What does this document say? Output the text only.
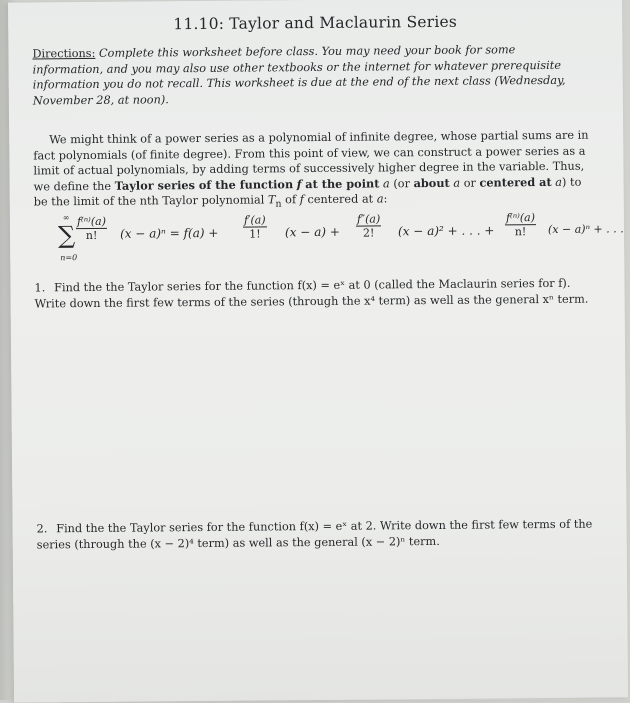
11.10: Taylor and Maclaurin Series
Directions: Complete this worksheet before class. You may need your book for some information, and you may also use other textbooks or the internet for whatever prerequisite information you do not recall. This worksheet is due at the end of the next class (Wednesday, November 28, at noon).
We might think of a power series as a polynomial of infinite degree, whose partial sums are in fact polynomials (of finite degree). From this point of view, we can construct a power series as a limit of actual polynomials, by adding terms of successively higher degree in the variable. Thus, we define the Taylor series of the function f at the point a (or about a or centered at a) to be the limit of the nth Taylor polynomial $T_n$ of f centered at a:
∞
∑
n=0
$\frac{\text{f⁽ⁿ⁾(a)}}{n!} (x - a)^n = f(a) + \frac{f'(a)}{1!} (x - a) + \frac{f''(a)}{2!} (x - a)^2$ + . . . + $\frac{\text{f⁽ⁿ⁾(a)}}{n!} (x - a)^n$ + . . .
1. Find the the Taylor series for the function f(x) = eˣ at 0 (called the Maclaurin series for f). Write down the first few terms of the series (through the x⁴ term) as well as the general xⁿ term.
2. Find the the Taylor series for the function f(x) = eˣ at 2. Write down the first few terms of the series (through the (x − 2)⁴ term) as well as the general (x − 2)ⁿ term.
